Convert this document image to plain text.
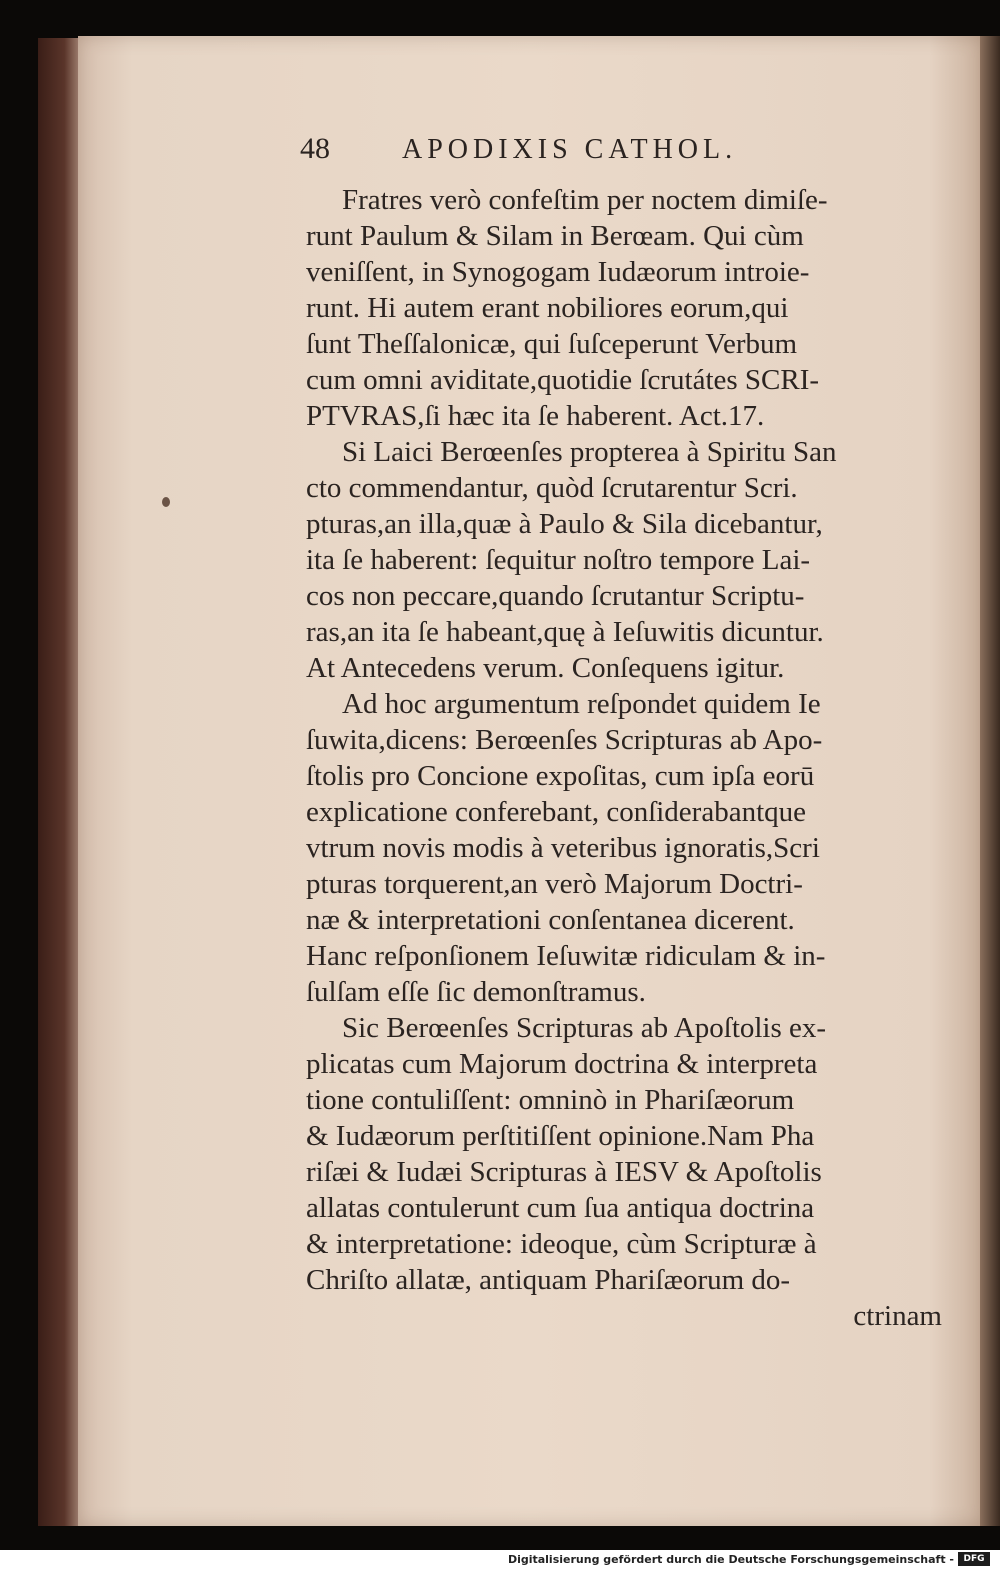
48	APODIXIS CATHOL.
Fratres verò confeſtim per noctem dimiſe-
runt Paulum & Silam in Berœam. Qui cùm
veniſſent, in Synogogam Iudæorum introie-
runt. Hi autem erant nobiliores eorum,qui
ſunt Theſſalonicæ, qui ſuſceperunt Verbum
cum omni aviditate,quotidie ſcrutátes SCRI-
PTVRAS,ſi hæc ita ſe haberent. Act.17.
Si Laici Berœenſes propterea à Spiritu San
cto commendantur, quòd ſcrutarentur Scri.
pturas,an illa,quæ à Paulo & Sila dicebantur,
ita ſe haberent: ſequitur noſtro tempore Lai-
cos non peccare,quando ſcrutantur Scriptu-
ras,an ita ſe habeant,quę à Ieſuwitis dicuntur.
At Antecedens verum. Conſequens igitur.
Ad hoc argumentum reſpondet quidem Ie
ſuwita,dicens: Berœenſes Scripturas ab Apo-
ſtolis pro Concione expoſitas, cum ipſa eorū
explicatione conferebant, conſiderabantque
vtrum novis modis à veteribus ignoratis,Scri
pturas torquerent,an verò Majorum Doctri-
næ & interpretationi conſentanea dicerent.
Hanc reſponſionem Ieſuwitæ ridiculam & in-
ſulſam eſſe ſic demonſtramus.
Sic Berœenſes Scripturas ab Apoſtolis ex-
plicatas cum Majorum doctrina & interpreta
tione contuliſſent: omninò in Phariſæorum
& Iudæorum perſtitiſſent opinione.Nam Pha
riſæi & Iudæi Scripturas à IESV & Apoſtolis
allatas contulerunt cum ſua antiqua doctrina
& interpretatione: ideoque, cùm Scripturæ à
Chriſto allatæ, antiquam Phariſæorum do-
ctrinam
Digitalisierung gefördert durch die Deutsche Forschungsgemeinschaft -	DFG
